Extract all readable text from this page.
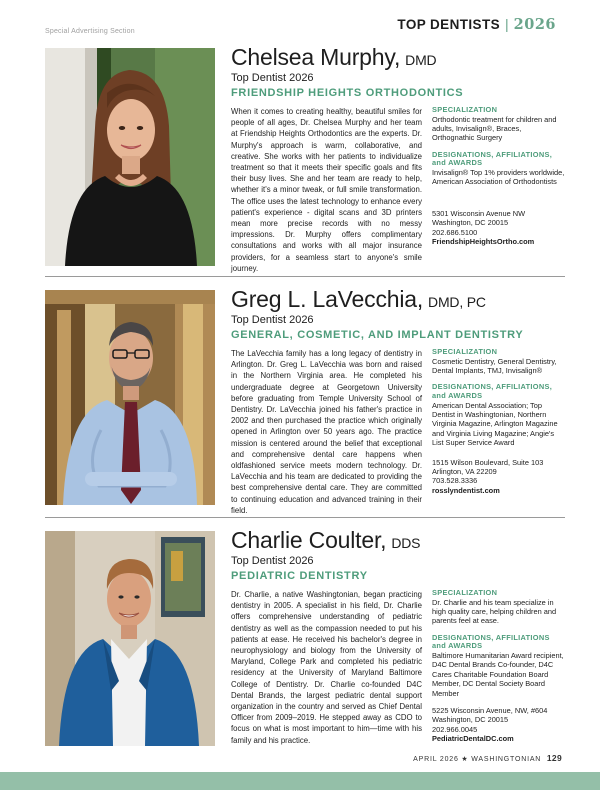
Special Advertising Section	TOP DENTISTS | 2026
Chelsea Murphy, DMD
Top Dentist 2026
FRIENDSHIP HEIGHTS ORTHODONTICS
When it comes to creating healthy, beautiful smiles for people of all ages, Dr. Chelsea Murphy and her team at Friendship Heights Orthodontics are the experts. Dr. Murphy's approach is warm, collaborative, and creative. She works with her patients to individualize treatment so that it meets their specific goals and fits their busy lives. She and her team are ready to help, whether it's a minor tweak, or full smile transformation. The office uses the latest technology to enhance every patient's experience - digital scans and 3D printers mean more precise records with no messy impressions. Dr. Murphy offers complimentary consultations and works with all major insurance providers, for a seamless start to anyone's smile journey.
SPECIALIZATION

Orthodontic treatment for children and adults, Invisalign®, Braces, Orthognathic Surgery

DESIGNATIONS, AFFILIATIONS, and AWARDS

Invisalign® Top 1% providers worldwide, American Association of Orthodontists

5301 Wisconsin Avenue NW

Washington, DC 20015

202.686.5100

FriendshipHeightsOrtho.com

Greg L. LaVecchia, DMD, PC
Top Dentist 2026
GENERAL, COSMETIC, AND IMPLANT DENTISTRY
The LaVecchia family has a long legacy of dentistry in Arlington. Dr. Greg L. LaVecchia was born and raised in the Northern Virginia area. He completed his undergraduate degree at Georgetown University before graduating from Temple University School of Dentistry. Dr. LaVecchia joined his father's practice in 2002 and then purchased the practice which originally opened in Arlington over 50 years ago. The practice mission is centered around the belief that exceptional and comprehensive dental care happens when oldfashioned service meets modern technology. Dr. LaVecchia and his team are dedicated to providing the best comprehensive dental care. They are committed to continuing education and advanced training in their field.
SPECIALIZATION

Cosmetic Dentistry, General Dentistry, Dental Implants, TMJ, Invisalign®

DESIGNATIONS, AFFILIATIONS, and AWARDS

American Dental Association; Top Dentist in Washingtonian, Northern Virginia Magazine, Arlington Magazine and Virginia Living Magazine; Angie's List Super Service Award

1515 Wilson Boulevard, Suite 103

Arlington, VA 22209

703.528.3336

rosslyndentist.com

Charlie Coulter, DDS
Top Dentist 2026
PEDIATRIC DENTISTRY
Dr. Charlie, a native Washingtonian, began practicing dentistry in 2005. A specialist in his field, Dr. Charlie offers comprehensive understanding of pediatric dentistry as well as the compassion needed to put his patients at ease. He received his bachelor's degree in neurophysiology and biology from the University of Maryland, College Park and completed his pediatric residency at the University of Maryland Baltimore College of Dentistry. Dr. Charlie co-founded D4C Dental Brands, the largest pediatric dental support organization in the country and served as Chief Dental Officer from 2009–2019. He stepped away as CDO to focus on what is most important to him—time with his family and his practice.
SPECIALIZATION

Dr. Charlie and his team specialize in high quality care, helping children and parents feel at ease.

DESIGNATIONS, AFFILIATIONS and AWARDS

Baltimore Humanitarian Award recipient, D4C Dental Brands Co-founder, D4C Cares Charitable Foundation Board Member, DC Dental Society Board Member

5225 Wisconsin Avenue, NW, #604

Washington, DC 20015

202.966.0045

PediatricDentalDC.com

APRIL 2026 ★ WASHINGTONIAN 129
